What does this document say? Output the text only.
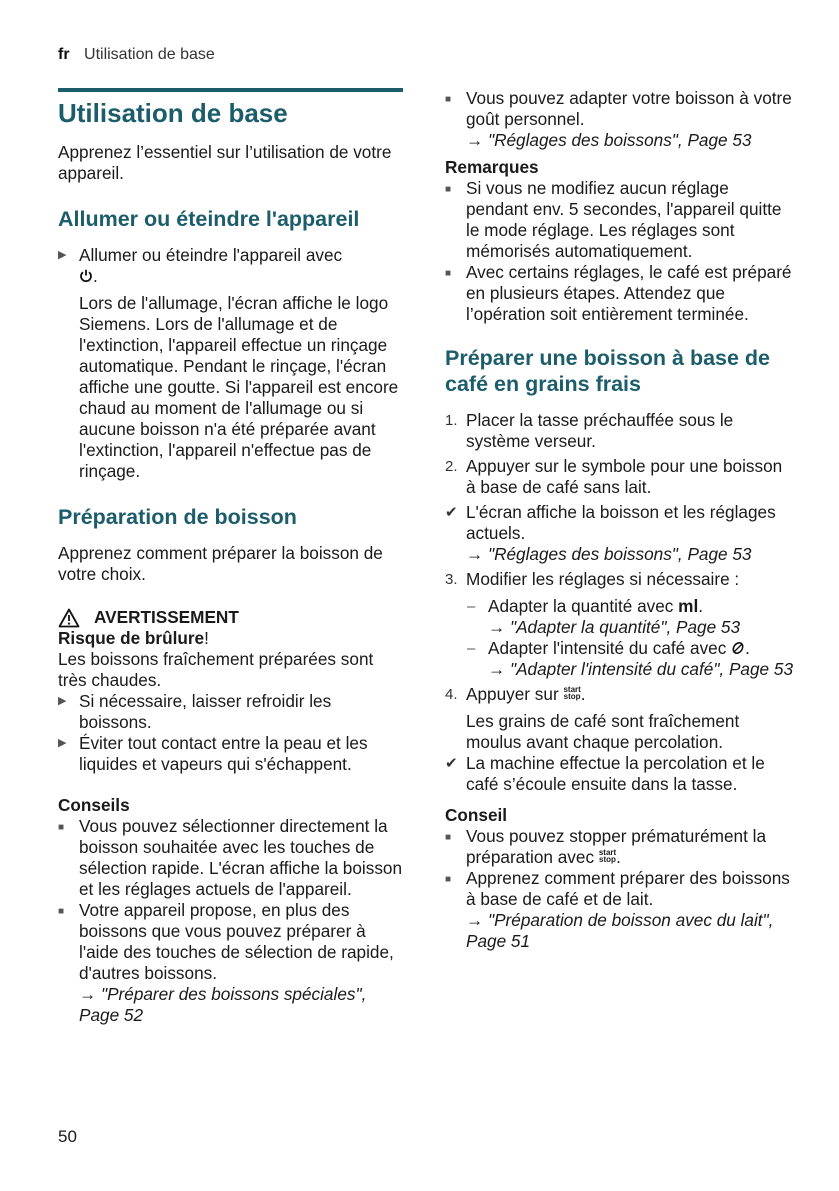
fr Utilisation de base
Utilisation de base

Apprenez l’essentiel sur l’utilisation de votre appareil.

Allumer ou éteindre l'appareil
▶ Allumer ou éteindre l'appareil avec
.

Lors de l'allumage, l'écran affiche le logo Siemens. Lors de l'allumage et de l'extinction, l'appareil effectue un rinçage automatique. Pendant le rinçage, l'écran affiche une goutte. Si l'appareil est encore chaud au moment de l'allumage ou si aucune boisson n'a été préparée avant l'extinction, l'appareil n'effectue pas de rinçage.

Préparation de boisson

Apprenez comment préparer la boisson de votre choix.

AVERTISSEMENT

Risque de brûlure!

Les boissons fraîchement préparées sont très chaudes.

▶ Si nécessaire, laisser refroidir les boissons.
▶ Éviter tout contact entre la peau et les liquides et vapeurs qui s'échappent.

Conseils

■ Vous pouvez sélectionner directement la boisson souhaitée avec les touches de sélection rapide. L'écran affiche la boisson et les réglages actuels de l'appareil.
■ Votre appareil propose, en plus des boissons que vous pouvez préparer à l'aide des touches de sélection de rapide, d'autres boissons.
→ "Préparer des boissons spéciales", Page 52
■ Vous pouvez adapter votre boisson à votre goût personnel.
→ "Réglages des boissons", Page 53

Remarques

■ Si vous ne modifiez aucun réglage pendant env. 5 secondes, l'appareil quitte le mode réglage. Les réglages sont mémorisés automatiquement.
■ Avec certains réglages, le café est préparé en plusieurs étapes. Attendez que l’opération soit entièrement terminée.
Préparer une boisson à base de café en grains frais
1. Placer la tasse préchauffée sous le système verseur.
2. Appuyer sur le symbole pour une boisson à base de café sans lait.
✔ L'écran affiche la boisson et les réglages actuels.
→ "Réglages des boissons", Page 53
3. Modifier les réglages si nécessaire :
– Adapter la quantité avec ml.
→ "Adapter la quantité", Page 53
– Adapter l'intensité du café avec .
→ "Adapter l'intensité du café", Page 53
4. Appuyer sur start
stop.

Les grains de café sont fraîchement moulus avant chaque percolation.

✔ La machine effectue la percolation et le café s’écoule ensuite dans la tasse.

Conseil

■ Vous pouvez stopper prématurément la préparation avec start
stop.
■ Apprenez comment préparer des boissons à base de café et de lait.
→ "Préparation de boisson avec du lait", Page 51
50
